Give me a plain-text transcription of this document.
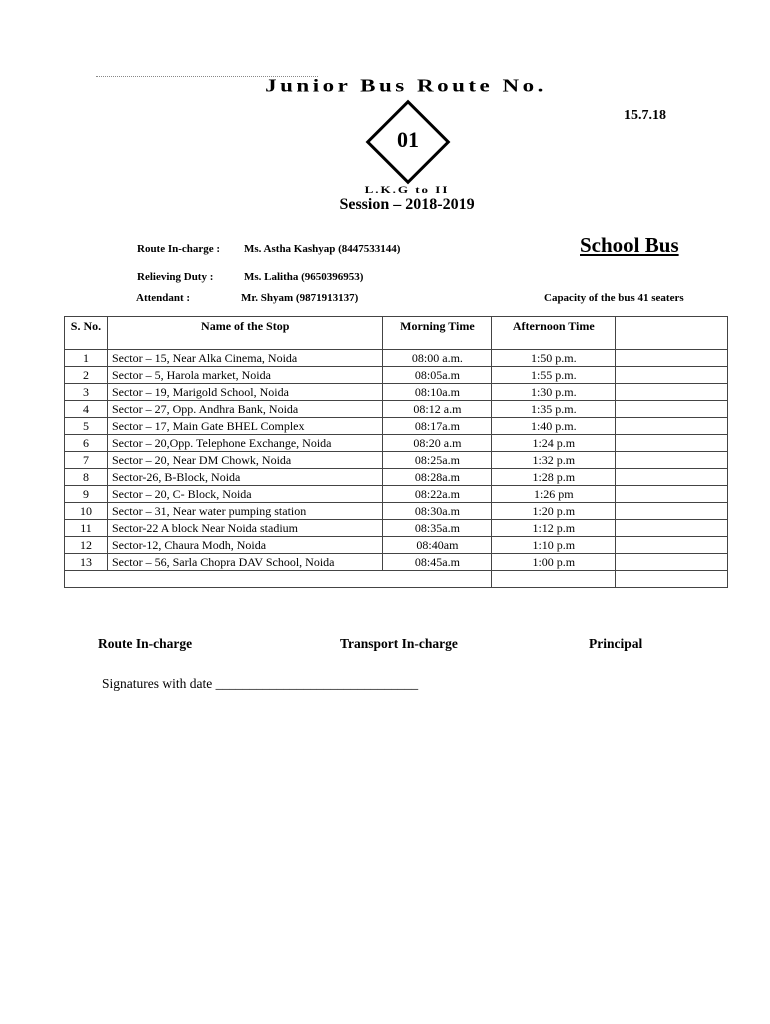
Junior Bus Route No.
15.7.18
01
L.K.G to II
Session – 2018-2019
Route In-charge : Ms. Astha Kashyap (8447533144)	School Bus
Relieving Duty :	Ms. Lalitha (9650396953)
Attendant :	Mr. Shyam (9871913137)	Capacity of the bus 41 seaters
S. No.	Name of the Stop	Morning Time	Afternoon Time	
1	Sector – 15, Near Alka Cinema, Noida	08:00 a.m.	1:50 p.m.	
2	Sector – 5, Harola market, Noida	08:05a.m	1:55 p.m.	
3	Sector – 19, Marigold School, Noida	08:10a.m	1:30 p.m.	
4	Sector – 27, Opp. Andhra Bank, Noida	08:12 a.m	1:35 p.m.	
5	Sector – 17, Main Gate BHEL Complex	08:17a.m	1:40 p.m.	
6	Sector – 20,Opp. Telephone Exchange, Noida	08:20 a.m	1:24 p.m	
7	Sector – 20, Near DM Chowk, Noida	08:25a.m	1:32 p.m	
8	Sector-26, B-Block, Noida	08:28a.m	1:28 p.m	
9	Sector – 20, C- Block, Noida	08:22a.m	1:26 pm	
10	Sector – 31, Near water pumping station	08:30a.m	1:20 p.m	
11	Sector-22 A block Near Noida stadium	08:35a.m	1:12 p.m	
12	Sector-12, Chaura Modh, Noida	08:40am	1:10 p.m	
13	Sector – 56, Sarla Chopra DAV School, Noida	08:45a.m	1:00 p.m	

Route In-charge	Transport In-charge	Principal
Signatures with date ______________________________
